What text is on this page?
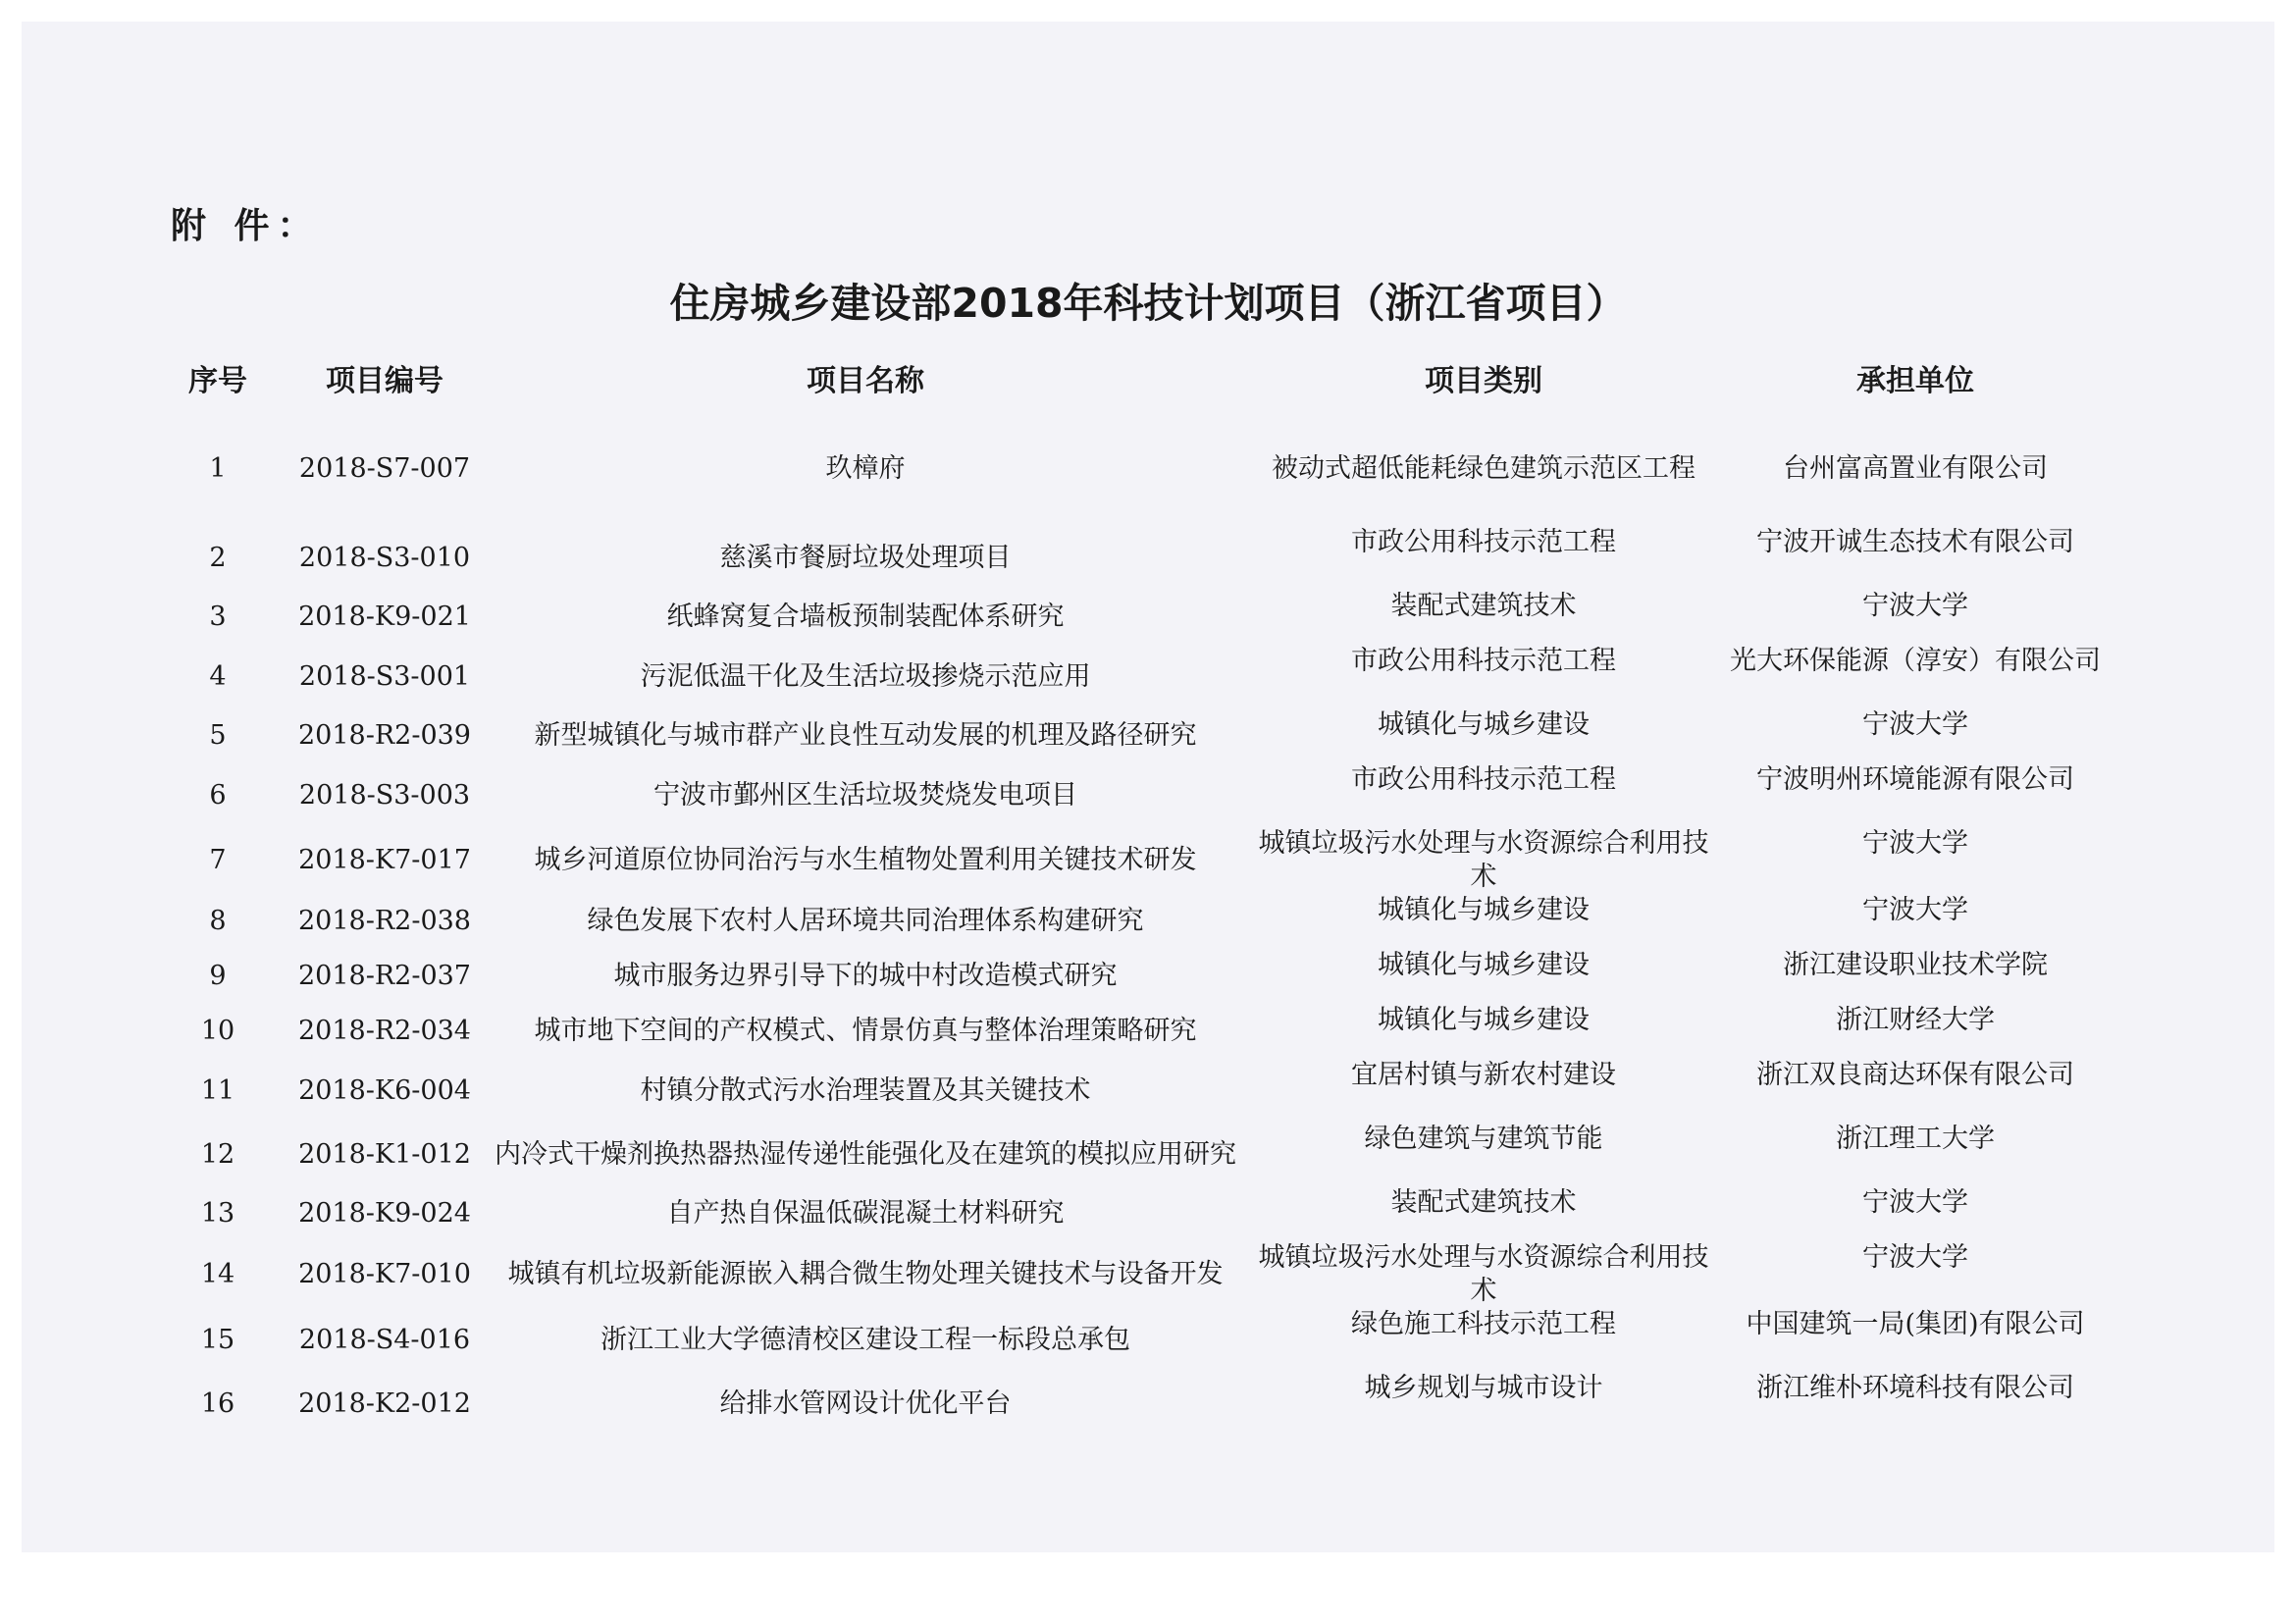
附 件：
住房城乡建设部2018年科技计划项目（浙江省项目）
序号	项目编号	项目名称	项目类别	承担单位
1	2018-S7-007	玖樟府	被动式超低能耗绿色建筑示范区工程	台州富高置业有限公司
2	2018-S3-010	慈溪市餐厨垃圾处理项目	市政公用科技示范工程	宁波开诚生态技术有限公司
3	2018-K9-021	纸蜂窝复合墙板预制装配体系研究	装配式建筑技术	宁波大学
4	2018-S3-001	污泥低温干化及生活垃圾掺烧示范应用	市政公用科技示范工程	光大环保能源（淳安）有限公司
5	2018-R2-039	新型城镇化与城市群产业良性互动发展的机理及路径研究	城镇化与城乡建设	宁波大学
6	2018-S3-003	宁波市鄞州区生活垃圾焚烧发电项目	市政公用科技示范工程	宁波明州环境能源有限公司
7	2018-K7-017	城乡河道原位协同治污与水生植物处置利用关键技术研发	城镇垃圾污水处理与水资源综合利用技术	宁波大学
8	2018-R2-038	绿色发展下农村人居环境共同治理体系构建研究	城镇化与城乡建设	宁波大学
9	2018-R2-037	城市服务边界引导下的城中村改造模式研究	城镇化与城乡建设	浙江建设职业技术学院
10	2018-R2-034	城市地下空间的产权模式、情景仿真与整体治理策略研究	城镇化与城乡建设	浙江财经大学
11	2018-K6-004	村镇分散式污水治理装置及其关键技术	宜居村镇与新农村建设	浙江双良商达环保有限公司
12	2018-K1-012	内冷式干燥剂换热器热湿传递性能强化及在建筑的模拟应用研究	绿色建筑与建筑节能	浙江理工大学
13	2018-K9-024	自产热自保温低碳混凝土材料研究	装配式建筑技术	宁波大学
14	2018-K7-010	城镇有机垃圾新能源嵌入耦合微生物处理关键技术与设备开发	城镇垃圾污水处理与水资源综合利用技术	宁波大学
15	2018-S4-016	浙江工业大学德清校区建设工程一标段总承包	绿色施工科技示范工程	中国建筑一局(集团)有限公司
16	2018-K2-012	给排水管网设计优化平台	城乡规划与城市设计	浙江维朴环境科技有限公司
